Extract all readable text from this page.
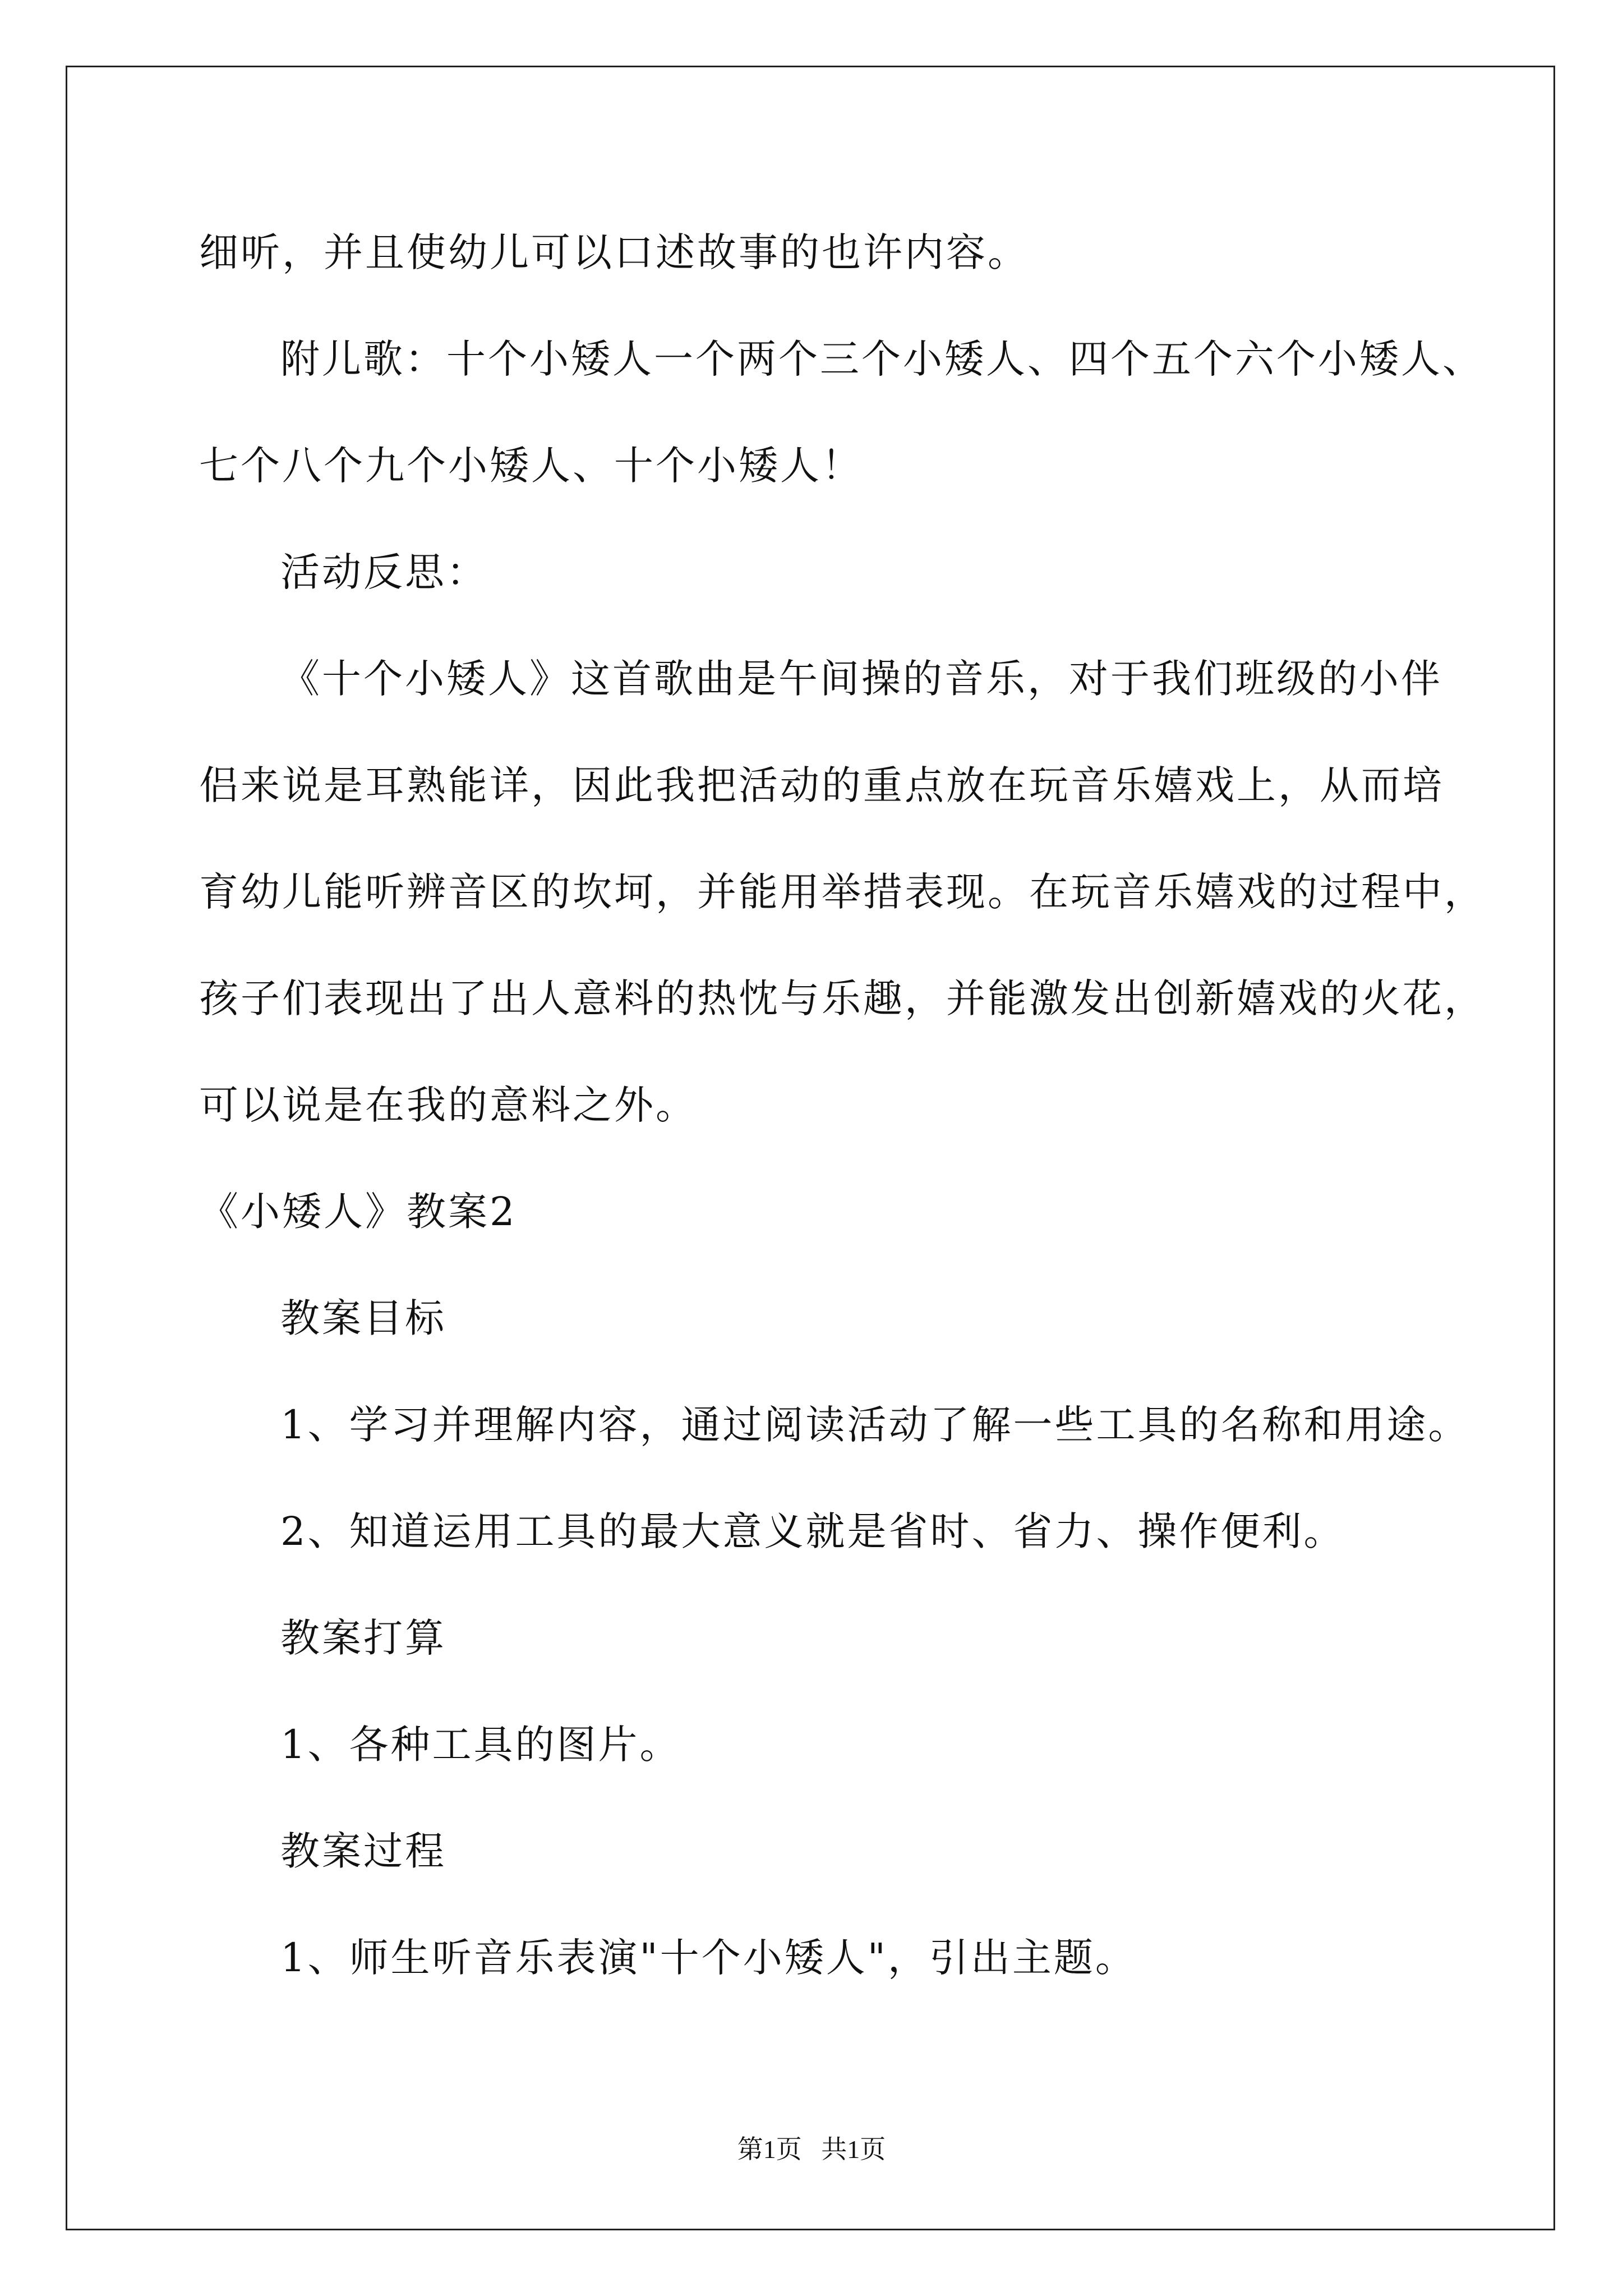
细听，并且使幼儿可以口述故事的也许内容。
附儿歌：十个小矮人一个两个三个小矮人、四个五个六个小矮人、
七个八个九个小矮人、十个小矮人！
活动反思：
《十个小矮人》这首歌曲是午间操的音乐，对于我们班级的小伴
侣来说是耳熟能详，因此我把活动的重点放在玩音乐嬉戏上，从而培
育幼儿能听辨音区的坎坷，并能用举措表现。在玩音乐嬉戏的过程中，
孩子们表现出了出人意料的热忱与乐趣，并能激发出创新嬉戏的火花，
可以说是在我的意料之外。
《小矮人》教案2
教案目标
1、学习并理解内容，通过阅读活动了解一些工具的名称和用途。
2、知道运用工具的最大意义就是省时、省力、操作便利。
教案打算
1、各种工具的图片。
教案过程
1、师生听音乐表演"十个小矮人"，引出主题。
第1页   共1页
